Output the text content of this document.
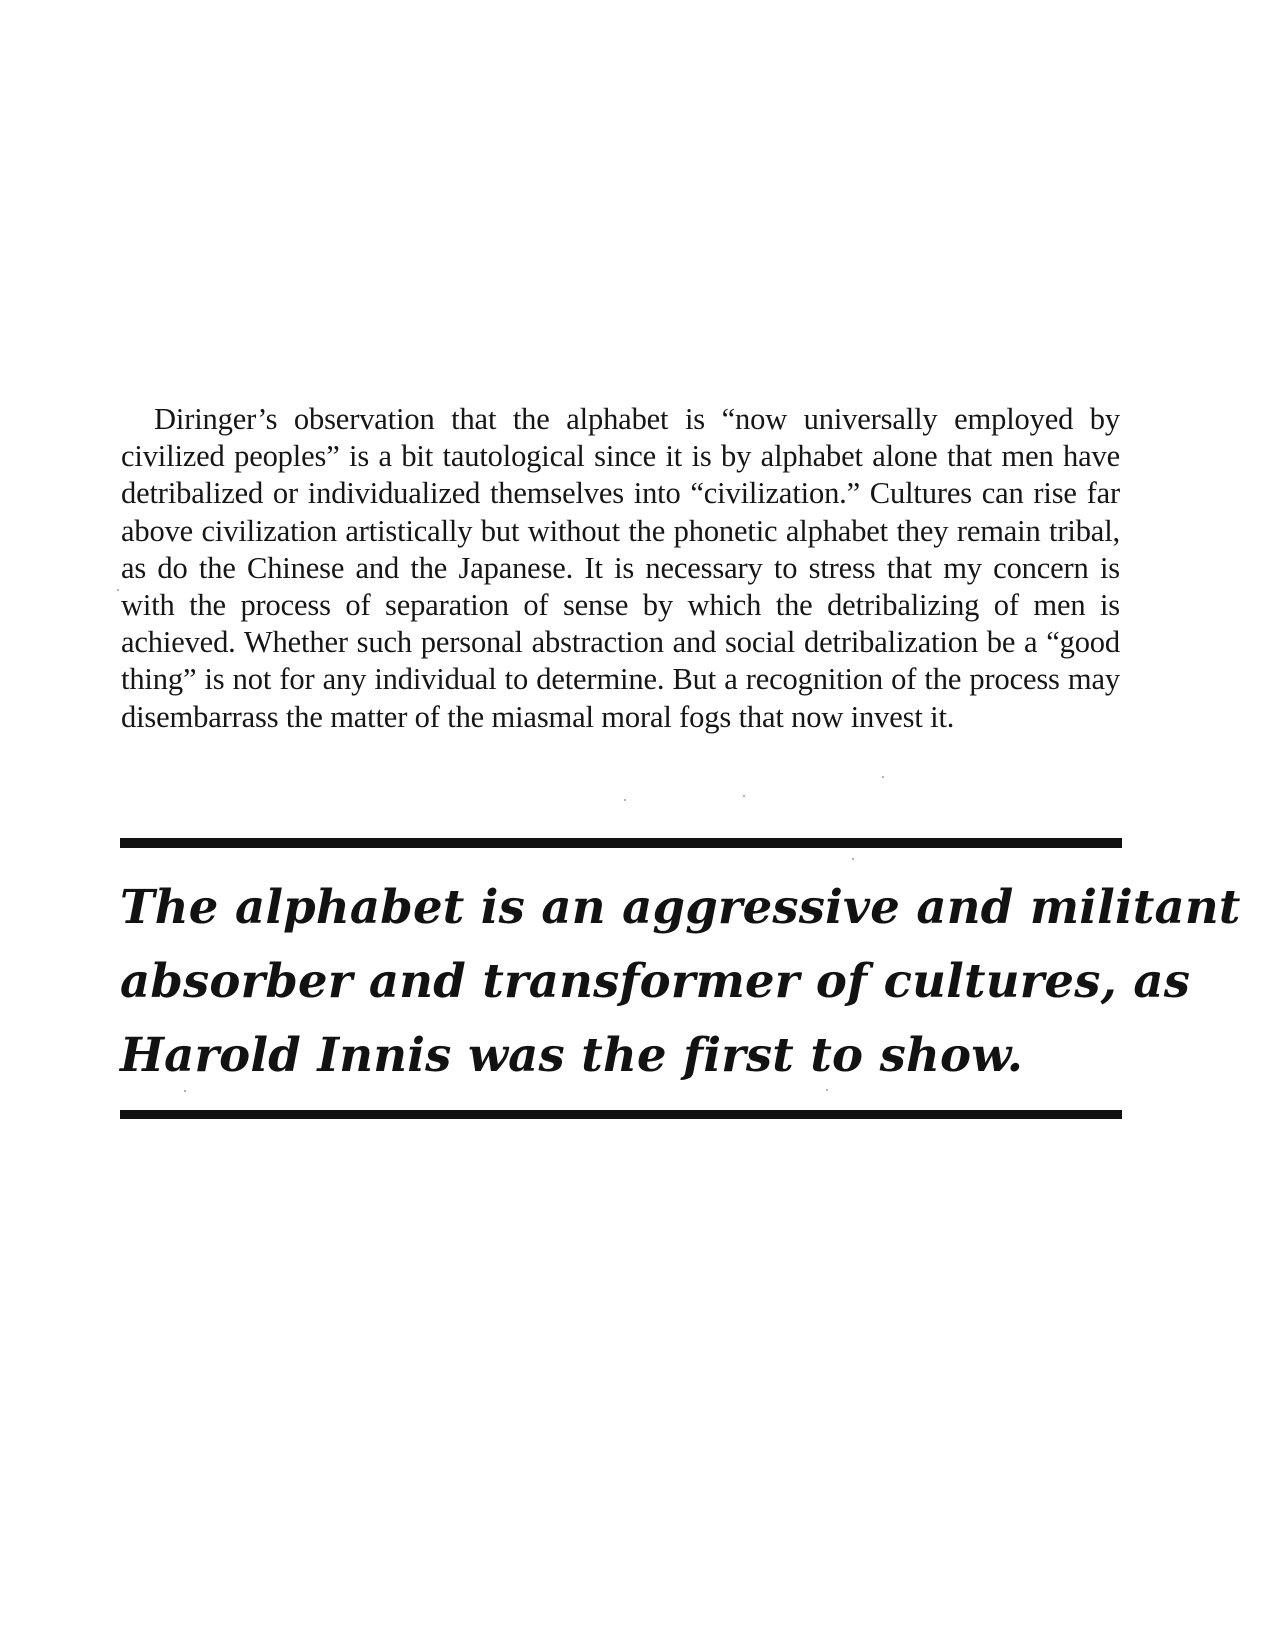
Diringer’s observation that the alphabet is “now universally employed by civilized peoples” is a bit tautological since it is by alphabet alone that men have detribalized or individualized themselves into “civilization.” Cultures can rise far above civilization artistically but without the phonetic alphabet they remain tribal, as do the Chinese and the Japanese. It is necessary to stress that my concern is with the process of separation of sense by which the detribalizing of men is achieved. Whether such personal abstraction and social detribalization be a “good thing” is not for any individual to determine. But a recognition of the process may disembarrass the matter of the miasmal moral fogs that now invest it.

The alphabet is an aggressive and militant
absorber and transformer of cultures, as
Harold Innis was the first to show.
